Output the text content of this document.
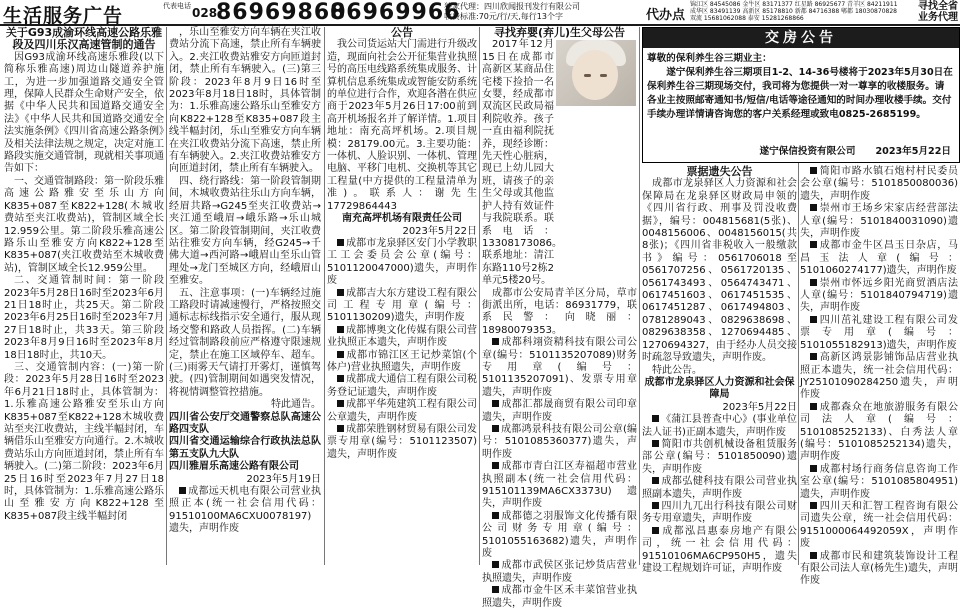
生活服务广告	代表电话 028-
86969860
86969966
独家代理：四川欣闻报刊发行有限公司
收费标准:70元/行/天,每行13个字	代办点
锦江区 84545086 金牛区 83171377 红星路 86925677 青羊区 84211911 成华区 83491139 高新区 85178810 新都 84716388 郫都 18030870828 双流 15681062088 泰安 15281268866
寻找全省
业务代理

关于G93成渝环线高速公路乐雅段及四川乐汉高速管制的通告

因G93成渝环线高速乐雅段(以下简称乐雅高速)周边山隧道养护施工，为进一步加强道路交通安全管理，保障人民群众生命财产安全，依据《中华人民共和国道路交通安全法》《中华人民共和国道路交通安全法实施条例》《四川省高速公路条例》及相关法律法规之规定，决定对施工路段实施交通管制，现就相关事项通告如下：

一、交通管制路段：第一阶段乐雅高速公路雅安至乐山方向K835+087至K822+128(木城收费站至夹江收费站)，管制区域全长12.959公里。第二阶段乐雅高速公路乐山至雅安方向K822+128至K835+087(夹江收费站至木城收费站)，管制区域全长12.959公里。

二、交通管制时间：第一阶段2023年5月28日16时至2023年6月21日18时止，共25天。第二阶段2023年6月25日16时至2023年7月27日18时止，共33天。第三阶段2023年8月9日16时至2023年8月18日18时止，共10天。

三、交通管制内容：(一)第一阶段：2023年5月28日16时至2023年6月21日18时止，具体管制为：1.乐雅高速公路雅安至乐山方向K835+087至K822+128木城收费站至夹江收费站，主线半幅封闭，车辆借乐山至雅安方向通行。2.木城收费站乐山方向匝道封闭，禁止所有车辆驶入。(二)第二阶段：2023年6月25日16时至2023年7月27日18时，具体管制为：1.乐雅高速公路乐山至雅安方向K822+128至K835+087段主线半幅封闭

，乐山至雅安方向车辆在夹江收费站分流下高速，禁止所有车辆驶入。2.夹江收费站雅安方向匝道封闭，禁止所有车辆驶入。(三)第三阶段：2023年8月9日16时至2023年8月18日18时，具体管制为：1.乐雅高速公路乐山至雅安方向K822+128至K835+087段主线半幅封闭，乐山至雅安方向车辆在夹江收费站分流下高速，禁止所有车辆驶入。2.夹江收费站雅安方向匝道封闭，禁止所有车辆驶入。

四、绕行路线：第一阶段管制期间，木城收费站往乐山方向车辆，经眉共路→G245至夹江收费站→夹江通至峨眉→峨乐路→乐山城区。第二阶段管制期间，夹江收费站往雅安方向车辆，经G245→千佛大道→西河路→峨眉山至乐山管理处→龙门至城区方向，经峨眉山至雅安。

五、注意事项：(一)车辆经过施工路段时请减速慢行，严格按照交通标志标线指示安全通行，服从现场交警和路政人员指挥。(二)车辆经过管制路段前应严格遵守限速规定，禁止在施工区域停车、超车。(三)雨雾天气请打开雾灯，谨慎驾驶。(四)管制期间如遇突发情况，将视情调整管控措施。

特此通告。

四川省公安厅交通警察总队高速公路四支队

四川省交通运输综合行政执法总队第五支队九大队

四川雅眉乐高速公路有限公司

2023年5月19日

成都远天机电有限公司营业执照正本(统一社会信用代码：91510100MA6CXU0078197)遗失，声明作废

公告

我公司货运站大门需进行升级改造，现面向社会公开征集营业执照号的高压电线路系统集成服务、计算机信息系统集成或智能安防系统的单位进行合作，欢迎各潜在供应商于2023年5月26日17:00前到高开机场报名并了解详情。1.项目地址：南充高坪机场。2.项目规模：28179.00元。3.主要功能：一体机、人脸识别、一体机、管理电脑、平移门电机、交换机等其它工程量(中方提供的工程量清单为准)。联系人：谢先生17729864443

南充高坪机场有限责任公司

2023年5月22日

成都市龙泉驿区安门小学教职工工会委员会公章(编号：5101120047000)遗失，声明作废

成都吉大东方建设工程有限公司工程专用章(编号：5101130209)遗失，声明作废

成都博奥文化传媒有限公司营业执照正本遗失，声明作废

成都市锦江区王记炒菜馆(个体户)营业执照遗失，声明作废

成都成大通信工程有限公司税务登记证遗失，声明作废

成都平华苑建筑工程有限公司公章遗失，声明作废

成都荣胜钢材贸易有限公司发票专用章(编号：5101123507)遗失，声明作废

寻找弃婴(弃儿)生父母公告

2017年12月15日在成都市高新区某商品住宅楼下捡拾一名女婴，经成都市双流区民政局福利院收养。孩子一直由福利院抚养，现经诊断：先天性心脏病，现已上幼儿园大班，请孩子的亲生父母或其他监护人持有效证件与我院联系。联系电话：13308173086。联系地址：清江东路110号2栋2单元5楼20号。

成都市公安局青羊区分局，草市街派出所，电话：86931779，联系民警：向晓丽：18980079353。

成都科翊资精科技有限公司公章(编号：5101135207089)财务专用章(编号：5101135207091)、发票专用章遗失，声明作废

成都汇都晟商贸有限公司印章遗失，声明作废

成都鸿景科技有限公司公章(编号：5101085360377)遗失，声明作废

成都市青白江区寿福超市营业执照副本(统一社会信用代码：915101139MA6CX3373U)遗失，声明作废

成都德之羽服饰文化传播有限公司财务专用章(编号：5101055163682)遗失，声明作废

成都市武侯区张记炒货店营业执照遗失，声明作废

成都市金牛区禾丰菜馆营业执照遗失，声明作废

交房公告

尊敬的保利养生谷三期业主：

遂宁保利养生谷三期项目1-2、14-36号楼将于2023年5月30日在保利养生谷三期现场交付，我司将为您提供一对一尊享的收楼服务。请各业主按照邮寄通知书/短信/电话等途径通知的时间办理收楼手续。交付手续办理详情请咨询您的客户关系经理或致电0825-2685199。

遂宁保信投资有限公司 2023年5月22日

票据遗失公告

成都市龙泉驿区人力资源和社会保障局在龙泉驿区财政局申领的《四川省行政、刑事及罚没收费据》，编号：004815681(5张)、0048156006、0048156015(共8张)；《四川省非税收入一般缴款书》编号：0561706018至0561707256、0561720135、0561743493、0564743471、0617451603、0617451535、0617451287、0617494803、0781289043、0829638698、0829638358、1270694485、1270694327，由于经办人员交接时疏忽导致遗失，声明作废。

特此公告。

成都市龙泉驿区人力资源和社会保障局

2023年5月22日

《蒲江县普查中心》(事业单位法人证书)正副本遗失，声明作废

简阳市共创机械设备租赁服务部公章(编号：5101850090)遗失，声明作废

成都弘健科技有限公司营业执照副本遗失，声明作废

四川九兀出行科技有限公司财务专用章遗失，声明作废

成都泓昌惠泰房地产有限公司，统一社会信用代码：91510106MA6CP950H5，遗失建设工程规划许可证，声明作废

简阳市路水镇石炮村村民委员会公章(编号：5101850080036)遗失，声明作废

崇州市王场乡宋家店经营部法人章(编号：5101840031090)遗失，声明作废

成都市金牛区昌玉日杂店，马昌玉法人章(编号：5101060274177)遗失，声明作废

崇州市怀远乡阳光商贸酒店法人章(编号：5101840794719)遗失，声明作废

四川茁礼建设工程有限公司发票专用章(编号：5101055182913)遗失，声明作废

高新区鸿景影铺饰品店营业执照正本遗失，统一社会信用代码：JY25101090284250遗失，声明作废

成都森众在地旅游服务有限公司法人章(编号：5101085252133)、白秀法人章(编号：5101085252134)遗失，声明作废

成都村场行商务信息咨询工作室公章(编号：5101085804951)遗失，声明作废

四川天和汇智工程咨询有限公司遗失公章，统一社会信用代码：9151000064492059X，声明作废

成都市民和建筑装饰设计工程有限公司法人章(杨先生)遗失，声明作废
